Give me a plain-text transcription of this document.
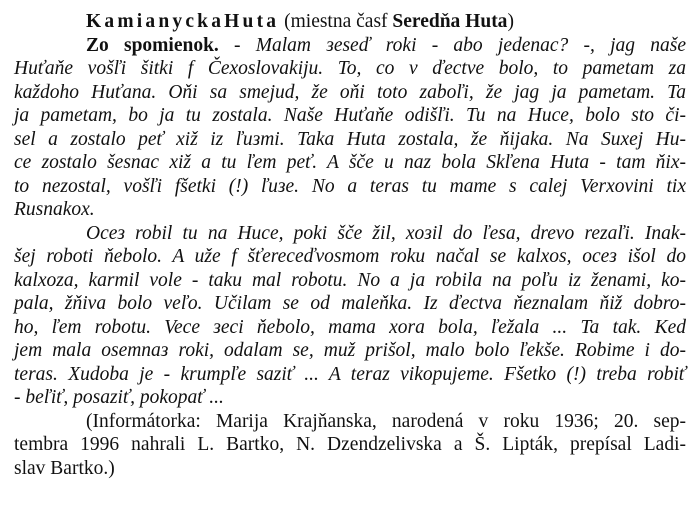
KamianyckaHuta (miestna časf Seredňa Huta)

Zo spomienok. - Malam зeseď roki - abo jedenac? -, jag naše

Huťaňe vošľi šitki f Čexoslovakiju. To, co v ďectve bolo, to pametam za

každoho Huťana. Oňi sa smejud, že oňi toto zaboľi, že jag ja pametam. Ta

ja pametam, bo ja tu zostala. Naše Huťaňe odišľi. Tu na Huce, bolo sto či-

sel a zostalo peť xiž iz ľuзmi. Taka Huta zostala, že ňijaka. Na Suxej Hu-

ce zostalo šesnac xiž a tu ľem peť. A šče u naz bola Skľena Huta - tam ňix-

to nezostal, vošľi fšetki (!) ľuзe. No a teras tu mame s calej Verxovini tix

Rusnakox.

Oceз robil tu na Huce, poki šče žil, xoзil do ľesa, drevo rezaľi. Inak-

šej roboti ňebolo. A uže f šťereceďvosmom roku načal se kalxos, oceз išol do

kalxoza, karmil vole - taku mal robotu. No a ja robila na poľu iz ženami, ko-

pala, žňiva bolo veľo. Učilam se od maleňka. Iz ďectva ňeznalam ňiž dobro-

ho, ľem robotu. Vece зeci ňebolo, mama xora bola, ľežala ... Ta tak. Ked

jem mala osemnaз roki, odalam se, muž prišol, malo bolo ľekše. Robime i do-

teras. Xudoba je - krumpľe saziť ... A teraz vikopujeme. Fšetko (!) treba robiť

- beľiť, posaziť, pokopať ...

(Informátorka: Marija Krajňanska, narodená v roku 1936; 20. sep-

tembra 1996 nahrali L. Bartko, N. Dzendzelivska a Š. Lipták, prepísal Ladi-

slav Bartko.)
